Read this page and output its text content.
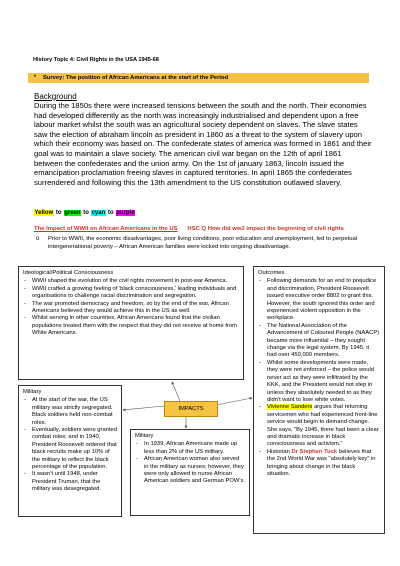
History Topic 4: Civil Rights in the USA 1945-68
• Survey: The position of African Americans at the start of the Period
Background
During the 1850s there were increased tensions between the south and the north. Their economies had developed differently as the north was increasingly industrialised and dependent upon a free labour market whilst the south was an agricultural society dependent on slaves. The slave states saw the election of abraham lincoln as president in 1860 as a threat to the system of slavery upon which their economy was based on. The confederate states of america was formed in 1861 and their goal was to maintain a slave society. The american civil war began on the 12th of april 1861 between the confederates and the union army. On the 1st of january 1863, lincoln issued the emancipation proclamation freeing slaves in captured territories. In april 1865 the confederates surrendered and following this the 13th amendment to the US constitution outlawed slavery.
Yellow to green to cyan to purple
The Impact of WWII on African Americans in the US HSC Q How did ww2 impact the beginning of civil rights
o Prior to WWII, the economic disadvantages, poor living conditions, poor education and unemployment, led to perpetual intergenerational poverty – African American families were locked into ongoing disadvantage.
Ideological/Political Consciousness
- WWII shaped the evolution of the civil rights movement in post-war America.
- WWII crafted a growing feeling of 'black consciousness,' leading individuals and organisations to challenge racial discrimination and segregation.
- The war promoted democracy and freedom, so by the end of the war, African Americans believed they would achieve this in the US as well.
- Whilst serving in other countries, African Americans found that the civilian populations treated them with the respect that they did not receive at home from White Americans.
Outcomes
- Following demands for an end to prejudice and discrimination, President Roosevelt issued executive order 8802 to grant this. However, the south ignored this order and experienced violent opposition in the workplace.
- The National Association of the Advancement of Coloured People (NAACP) became more influential – they sought change via the legal system. By 1945, it had over 450,000 members.
- Whilst some developments were made, they were not enforced – the police would never act as they were infiltrated by the KKK, and the President would not step in unless they absolutely needed to as they didn't want to lose white votes.
- Vivienne Sanders argues that returning servicemen who had experienced front-line service would begin to demand change. She says, "By 1945, there had been a clear and dramatic increase in black consciousness and activism."
- Historian Dr Stephen Tuck believes that the 2nd World War was "absolutely key" in bringing about change in the black situation.
Military
- At the start of the war, the US military was strictly segregated. Black soldiers held non-combat roles.
- Eventually, soldiers were granted combat roles; and in 1940, President Roosevelt ordered that black recruits make up 10% of the military to reflect the black percentage of the population.
- It wasn't until 1948, under President Truman, that the military was desegregated.
Military
- In 1939, African Americans made up less than 2% of the US military.
- African American woman also served in the military as nurses; however, they were only allowed to nurse African American soldiers and German POW's.
IMPACTS
